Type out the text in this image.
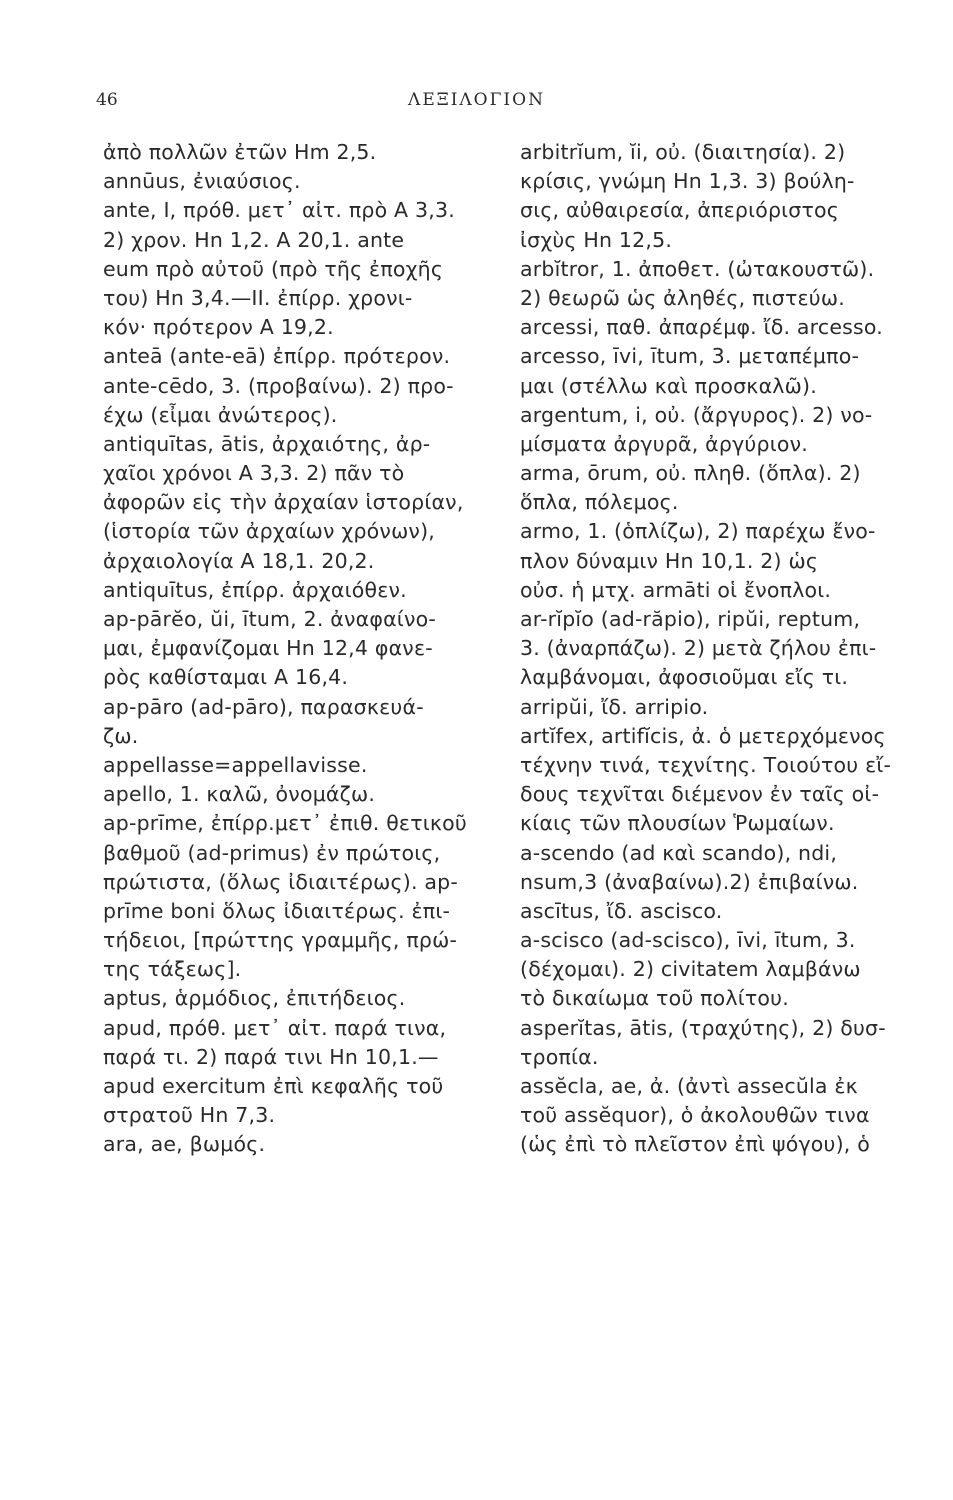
46	ΛΕΞΙΛΟΓΙΟΝ
ἀπὸ πολλῶν ἐτῶν Hm 2,5.
annūus, ἐνιαύσιος.
ante, I, πρόθ. μετ᾽ αἰτ. πρὸ Α 3,3.
2) χρον. Hn 1,2. A 20,1. ante
eum πρὸ αὐτοῦ (πρὸ τῆς ἐποχῆς
του) Hn 3,4.—II. ἐπίρρ. χρονι-
κόν· πρότερον A 19,2.
anteā (ante-eā) ἐπίρρ. πρότερον.
ante-cēdo, 3. (προβαίνω). 2) προ-
έχω (εἶμαι ἀνώτερος).
antiquītas, ātis, ἀρχαιότης, ἀρ-
χαῖοι χρόνοι A 3,3. 2) πᾶν τὸ
ἀφορῶν εἰς τὴν ἀρχαίαν ἱστορίαν,
(ἱστορία τῶν ἀρχαίων χρόνων),
ἀρχαιολογία A 18,1. 20,2.
antiquītus, ἐπίρρ. ἀρχαιόθεν.
ap-pārĕo, ŭi, ītum, 2. ἀναφαίνο-
μαι, ἐμφανίζομαι Hn 12,4 φανε-
ρὸς καθίσταμαι A 16,4.
ap-pāro (ad-pāro), παρασκευά-
ζω.
appellasse=appellavisse.
apello, 1. καλῶ, ὀνομάζω.
ap-prīme, ἐπίρρ.μετ᾽ ἐπιθ. θετικοῦ
βαθμοῦ (ad-primus) ἐν πρώτοις,
πρώτιστα, (ὅλως ἰδιαιτέρως). ap-
prīme boni ὅλως ἰδιαιτέρως. ἐπι-
τήδειοι, [πρώττης γραμμῆς, πρώ-
της τάξεως].
aptus, ἁρμόδιος, ἐπιτήδειος.
apud, πρόθ. μετ᾽ αἰτ. παρά τινα,
παρά τι. 2) παρά τινι Hn 10,1.—
apud exercitum ἐπὶ κεφαλῆς τοῦ
στρατοῦ Hn 7,3.
ara, ae, βωμός.
arbitrĭum, ĭi, οὐ. (διαιτησία). 2)
κρίσις, γνώμη Hn 1,3. 3) βούλη-
σις, αὐθαιρεσία, ἀπεριόριστος
ἰσχὺς Hn 12,5.
arbĭtror, 1. ἀποθετ. (ὠτακουστῶ).
2) θεωρῶ ὡς ἀληθές, πιστεύω.
arcessi, παθ. ἀπαρέμφ. ἴδ. arcesso.
arcesso, īvi, ītum, 3. μεταπέμπο-
μαι (στέλλω καὶ προσκαλῶ).
argentum, i, οὐ. (ἄργυρος). 2) νο-
μίσματα ἀργυρᾶ, ἀργύριον.
arma, ōrum, οὐ. πληθ. (ὅπλα). 2)
ὅπλα, πόλεμος.
armo, 1. (ὁπλίζω), 2) παρέχω ἔνο-
πλον δύναμιν Hn 10,1. 2) ὡς
οὐσ. ἡ μτχ. armāti οἱ ἔνοπλοι.
ar-rĭpĭo (ad-răpio), ripŭi, reptum,
3. (ἀναρπάζω). 2) μετὰ ζήλου ἐπι-
λαμβάνομαι, ἀφοσιοῦμαι εἴς τι.
arripŭi, ἴδ. arripio.
artĭfex, artifĭcis, ἀ. ὁ μετερχόμενος
τέχνην τινά, τεχνίτης. Τοιούτου εἴ-
δους τεχνῖται διέμενον ἐν ταῖς οἰ-
κίαις τῶν πλουσίων Ῥωμαίων.
a-scendo (ad καὶ scando), ndi,
nsum,3 (ἀναβαίνω).2) ἐπιβαίνω.
ascītus, ἴδ. ascisco.
a-scisco (ad-scisco), īvi, ītum, 3.
(δέχομαι). 2) civitatem λαμβάνω
τὸ δικαίωμα τοῦ πολίτου.
asperĭtas, ātis, (τραχύτης), 2) δυσ-
τροπία.
assĕcla, ae, ἀ. (ἀντὶ assecŭla ἐκ
τοῦ assĕquor), ὁ ἀκολουθῶν τινα
(ὡς ἐπὶ τὸ πλεῖστον ἐπὶ ψόγου), ὁ
